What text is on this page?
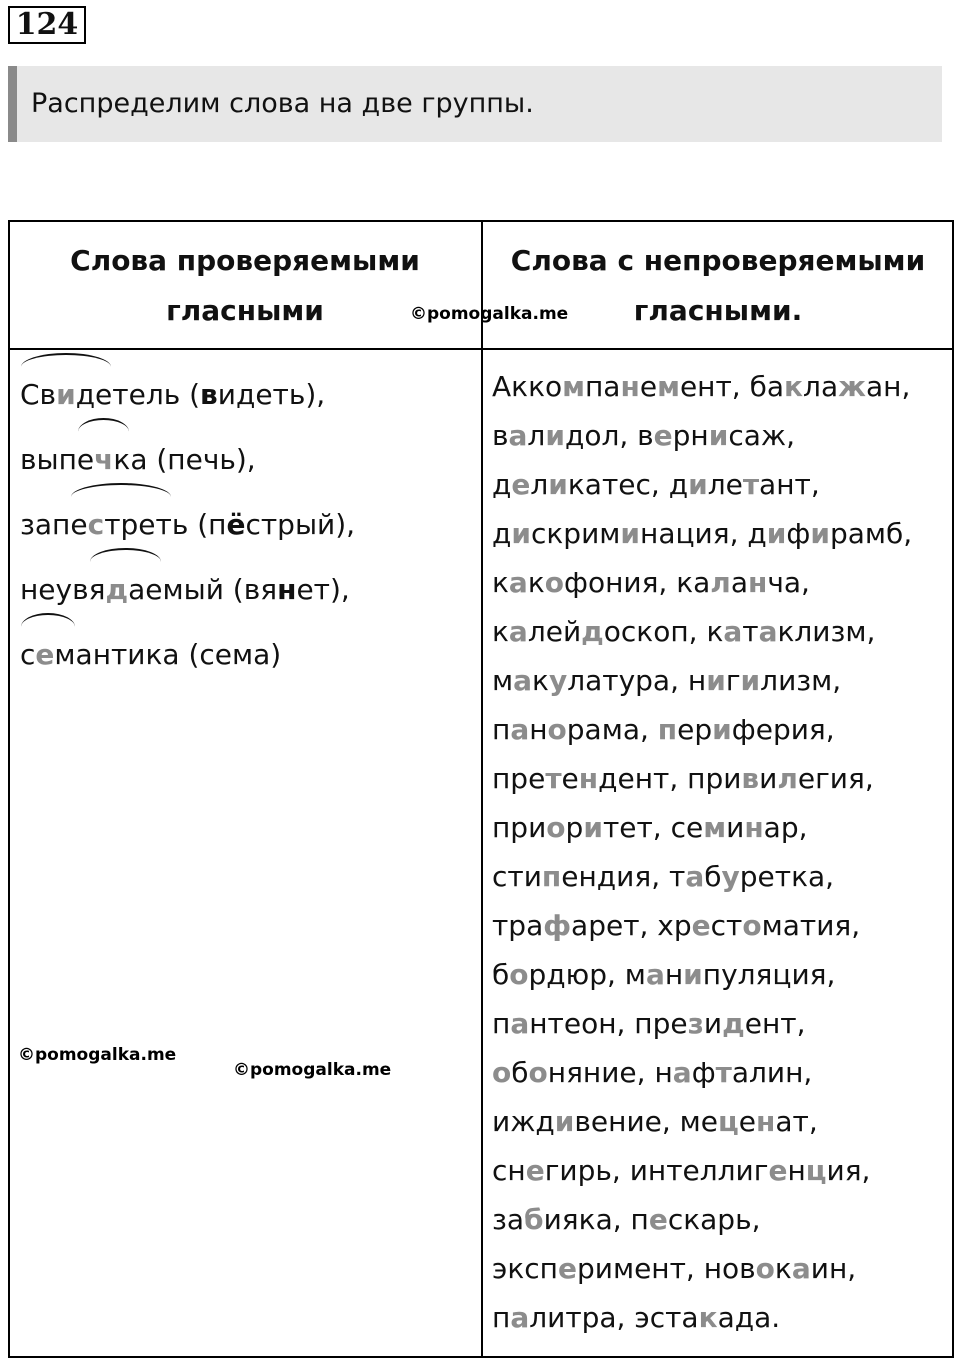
124
Распределим слова на две группы.
Слова проверяемыми
гласными
Слова с непроверяемыми
гласными.
Свидетель (видеть),
вып
ечка (печь),
зап
естреть (пёстрый),
неув
ядаемый (вянет),
семантика (сема)
Аккомпанемент, баклажан,
валидол, вернисаж,
деликатес, дилетант,
дискриминация, дифирамб,
какофония, каланча,
калейдоскоп, катаклизм,
макулатура, нигилизм,
панорама, периферия,
претендент, привилегия,
приоритет, семинар,
стипендия, табуретка,
трафарет, хрестоматия,
бордюр, манипуляция,
пантеон, президент,
обоняние, нафталин,
иждивение, меценат,
снегирь, интеллигенция,
забияка, пескарь,
эксперимент, новокаин,
палитра, эстакада.
©pomogalka.me
©pomogalka.me
©pomogalka.me
